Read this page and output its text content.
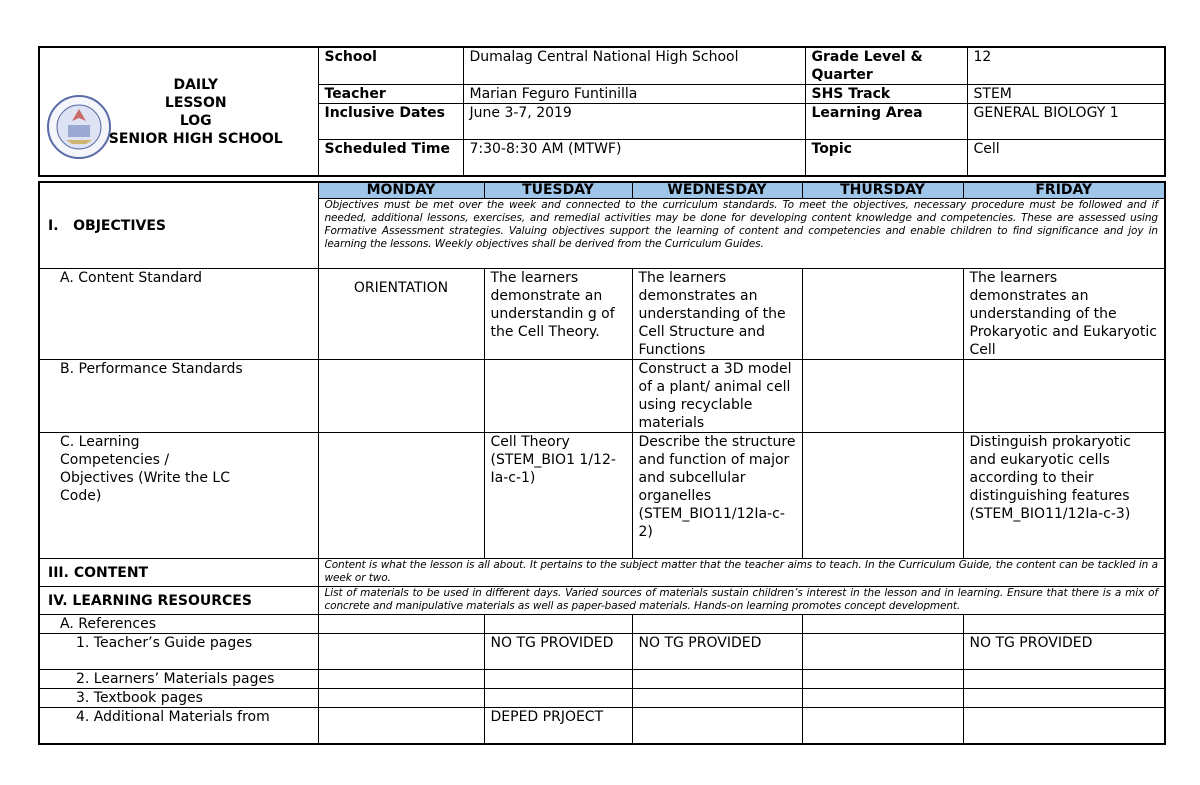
DAILY
LESSON
LOG
SENIOR HIGH SCHOOL	School	Dumalag Central National High School	Grade Level & Quarter	12
	Teacher	Marian Feguro Funtinilla	SHS Track	STEM
	Inclusive Dates	June 3-7, 2019	Learning Area	GENERAL BIOLOGY 1
	Scheduled Time	7:30-8:30 AM (MTWF)	Topic	Cell
	MONDAY	TUESDAY	WEDNESDAY	THURSDAY	FRIDAY
I.   OBJECTIVES	Objectives must be met over the week and connected to the curriculum standards. To meet the objectives, necessary procedure must be followed and if needed, additional lessons, exercises, and remedial activities may be done for developing content knowledge and competencies. These are assessed using Formative Assessment strategies. Valuing objectives support the learning of content and competencies and enable children to find significance and joy in learning the lessons. Weekly objectives shall be derived from the Curriculum Guides.				
A. Content Standard	ORIENTATION	The learners demonstrate an understandin g of the Cell Theory.	The learners demonstrates an understanding of the Cell Structure and Functions		The learners demonstrates an understanding of the Prokaryotic and Eukaryotic Cell
B. Performance Standards			Construct a 3D model of a plant/ animal cell using recyclable materials		
C. Learning Competencies / Objectives (Write the LC Code)		Cell Theory (STEM_BIO1 1/12-Ia-c-1)	Describe the structure and function of major and subcellular organelles (STEM_BIO11/12Ia-c-2)		Distinguish prokaryotic and eukaryotic cells according to their distinguishing features (STEM_BIO11/12Ia-c-3)
III. CONTENT	Content is what the lesson is all about. It pertains to the subject matter that the teacher aims to teach. In the Curriculum Guide, the content can be tackled in a week or two.				
IV. LEARNING RESOURCES	List of materials to be used in different days. Varied sources of materials sustain children’s interest in the lesson and in learning. Ensure that there is a mix of concrete and manipulative materials as well as paper-based materials. Hands-on learning promotes concept development.				
A. References					
1. Teacher’s Guide pages		NO TG PROVIDED	NO TG PROVIDED		NO TG PROVIDED
2. Learners’ Materials pages					
3. Textbook pages					
4. Additional Materials from		DEPED PRJOECT			
